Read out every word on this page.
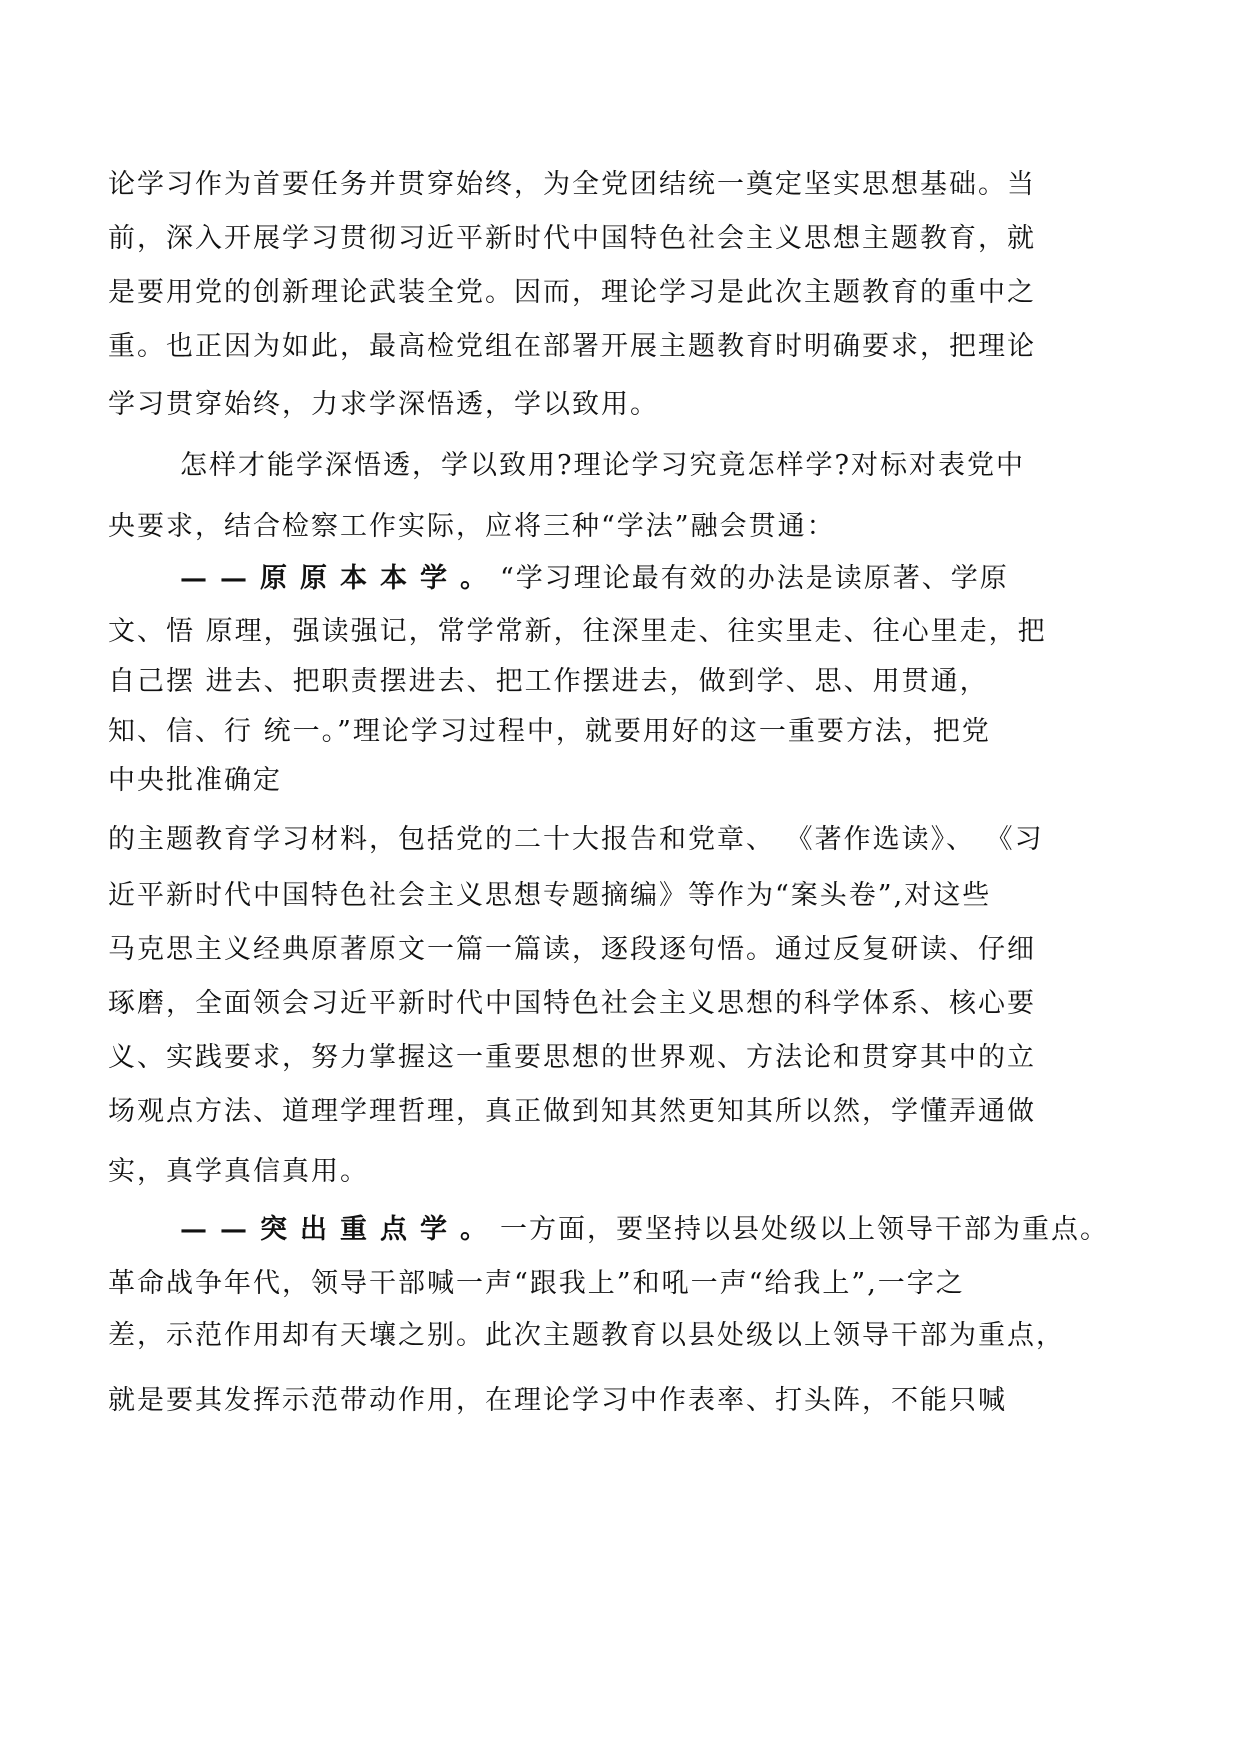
论学习作为首要任务并贯穿始终，为全党团结统一奠定坚实思想基础。当
前，深入开展学习贯彻习近平新时代中国特色社会主义思想主题教育，就
是要用党的创新理论武装全党。因而，理论学习是此次主题教育的重中之
重。也正因为如此，最高检党组在部署开展主题教育时明确要求，把理论
学习贯穿始终，力求学深悟透，学以致用。
怎样才能学深悟透，学以致用?理论学习究竟怎样学?对标对表党中
央要求，结合检察工作实际，应将三种“学法”融会贯通：
——原原本本学。“学习理论最有效的办法是读原著、学原
文、悟 原理，强读强记，常学常新，往深里走、往实里走、往心里走，把
自己摆 进去、把职责摆进去、把工作摆进去，做到学、思、用贯通，
知、信、行 统一。”理论学习过程中，就要用好的这一重要方法，把党
中央批准确定
的主题教育学习材料，包括党的二十大报告和党章、 《著作选读》、 《习
近平新时代中国特色社会主义思想专题摘编》等作为“案头卷”,对这些
马克思主义经典原著原文一篇一篇读，逐段逐句悟。通过反复研读、仔细
琢磨，全面领会习近平新时代中国特色社会主义思想的科学体系、核心要
义、实践要求，努力掌握这一重要思想的世界观、方法论和贯穿其中的立
场观点方法、道理学理哲理，真正做到知其然更知其所以然，学懂弄通做
实，真学真信真用。
——突出重点学。一方面，要坚持以县处级以上领导干部为重点。
革命战争年代，领导干部喊一声“跟我上”和吼一声“给我上”,一字之
差，示范作用却有天壤之别。此次主题教育以县处级以上领导干部为重点，
就是要其发挥示范带动作用，在理论学习中作表率、打头阵，不能只喊
